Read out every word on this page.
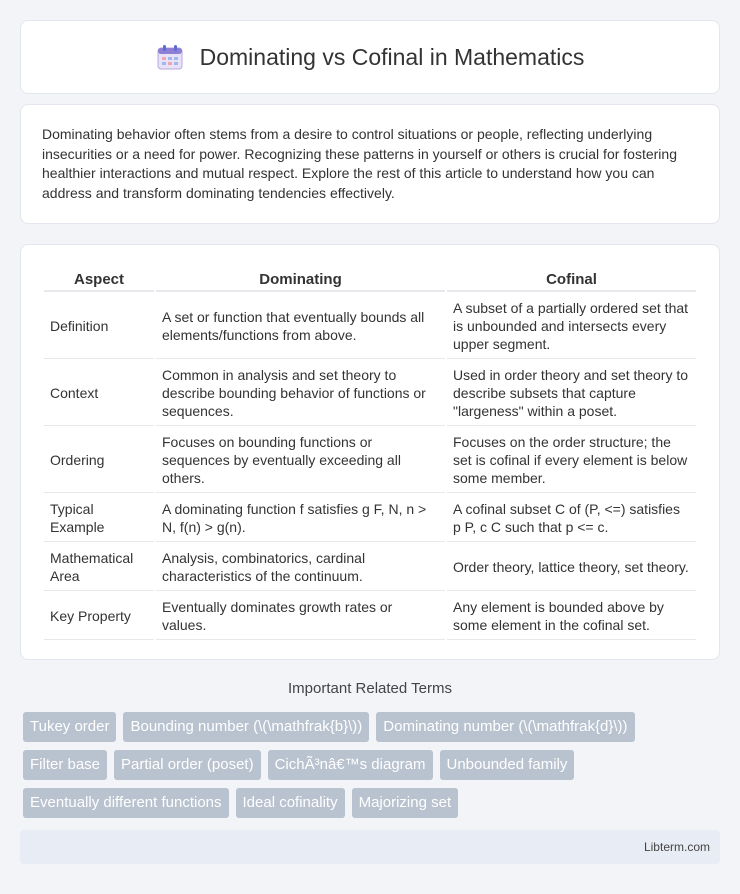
Dominating vs Cofinal in Mathematics

Dominating behavior often stems from a desire to control situations or people, reflecting underlying insecurities or a need for power. Recognizing these patterns in yourself or others is crucial for fostering healthier interactions and mutual respect. Explore the rest of this article to understand how you can address and transform dominating tendencies effectively.

Aspect	Dominating	Cofinal
Definition	A set or function that eventually bounds all elements/functions from above.	A subset of a partially ordered set that is unbounded and intersects every upper segment.
Context	Common in analysis and set theory to describe bounding behavior of functions or sequences.	Used in order theory and set theory to describe subsets that capture "largeness" within a poset.
Ordering	Focuses on bounding functions or sequences by eventually exceeding all others.	Focuses on the order structure; the set is cofinal if every element is below some member.
Typical Example	A dominating function f satisfies g F, N, n > N, f(n) > g(n).	A cofinal subset C of (P, <=) satisfies p P, c C such that p <= c.
Mathematical Area	Analysis, combinatorics, cardinal characteristics of the continuum.	Order theory, lattice theory, set theory.
Key Property	Eventually dominates growth rates or values.	Any element is bounded above by some element in the cofinal set.
Important Related Terms
Tukey order	Bounding number (\(\mathfrak{b}\))	Dominating number (\(\mathfrak{d}\))
Filter base	Partial order (poset)	CichÃ³nâ€™s diagram	Unbounded family
Eventually different functions	Ideal cofinality	Majorizing set
Libterm.com
